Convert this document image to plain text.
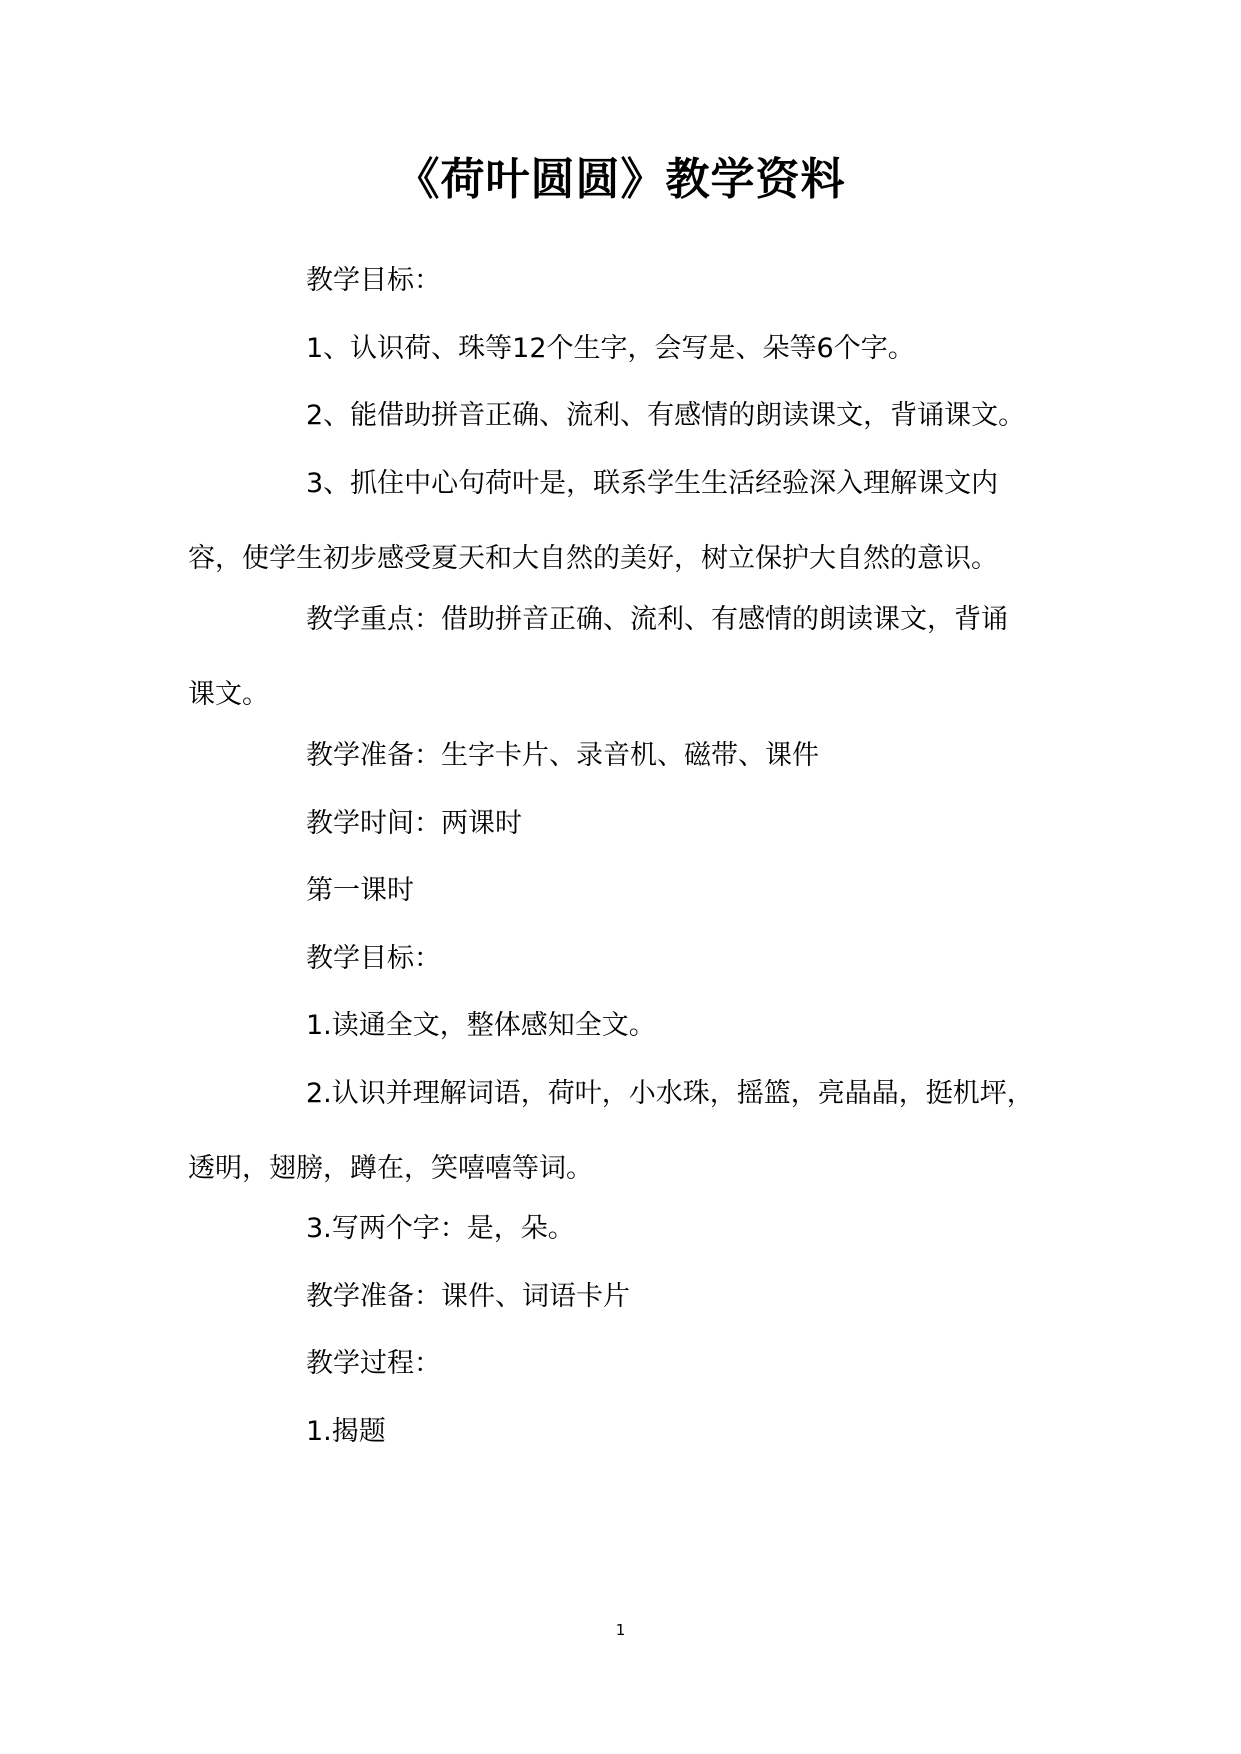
《荷叶圆圆》教学资料
教学目标：
1、认识荷、珠等12个生字，会写是、朵等6个字。
2、能借助拼音正确、流利、有感情的朗读课文，背诵课文。
3、抓住中心句荷叶是，联系学生生活经验深入理解课文内
容，使学生初步感受夏天和大自然的美好，树立保护大自然的意识。
教学重点：借助拼音正确、流利、有感情的朗读课文，背诵
课文。
教学准备：生字卡片、录音机、磁带、课件
教学时间：两课时
第一课时
教学目标：
1.读通全文，整体感知全文。
2.认识并理解词语，荷叶，小水珠，摇篮，亮晶晶，挺机坪，
透明，翅膀，蹲在，笑嘻嘻等词。
3.写两个字：是，朵。
教学准备：课件、词语卡片
教学过程：
1.揭题
1
